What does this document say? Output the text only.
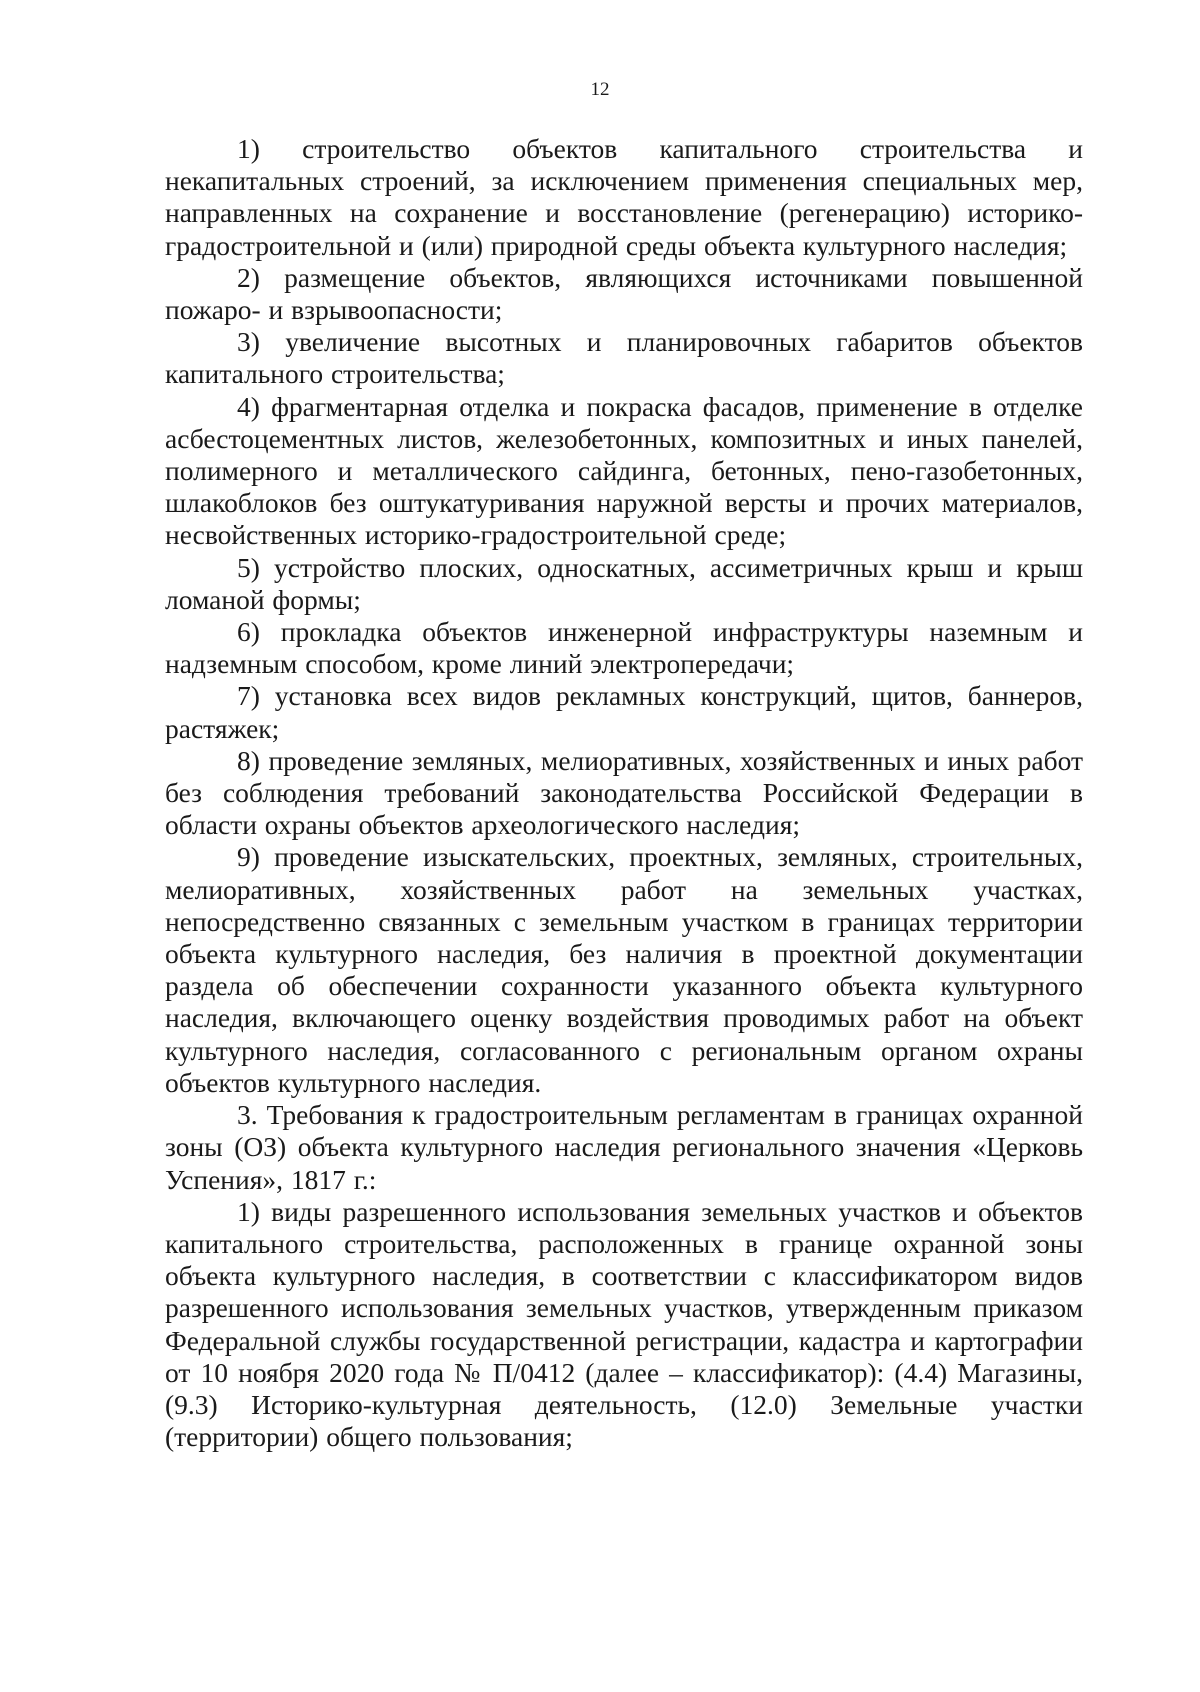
12

1) строительство объектов капитального строительства и некапитальных строений, за исключением применения специальных мер, направленных на сохранение и восстановление (регенерацию) историко-градостроительной и (или) природной среды объекта культурного наследия;

2) размещение объектов, являющихся источниками повышенной пожаро- и взрывоопасности;

3) увеличение высотных и планировочных габаритов объектов капитального строительства;

4) фрагментарная отделка и покраска фасадов, применение в отделке асбестоцементных листов, железобетонных, композитных и иных панелей, полимерного и металлического сайдинга, бетонных, пено-газобетонных, шлакоблоков без оштукатуривания наружной версты и прочих материалов, несвойственных историко-градостроительной среде;

5) устройство плоских, односкатных, ассиметричных крыш и крыш ломаной формы;

6) прокладка объектов инженерной инфраструктуры наземным и надземным способом, кроме линий электропередачи;

7) установка всех видов рекламных конструкций, щитов, баннеров, растяжек;

8) проведение земляных, мелиоративных, хозяйственных и иных работ без соблюдения требований законодательства Российской Федерации в области охраны объектов археологического наследия;

9) проведение изыскательских, проектных, земляных, строительных, мелиоративных, хозяйственных работ на земельных участках, непосредственно связанных с земельным участком в границах территории объекта культурного наследия, без наличия в проектной документации раздела об обеспечении сохранности указанного объекта культурного наследия, включающего оценку воздействия проводимых работ на объект культурного наследия, согласованного с региональным органом охраны объектов культурного наследия.

3. Требования к градостроительным регламентам в границах охранной зоны (ОЗ) объекта культурного наследия регионального значения «Церковь Успения», 1817 г.:

1) виды разрешенного использования земельных участков и объектов капитального строительства, расположенных в границе охранной зоны объекта культурного наследия, в соответствии с классификатором видов разрешенного использования земельных участков, утвержденным приказом Федеральной службы государственной регистрации, кадастра и картографии от 10 ноября 2020 года № П/0412 (далее – классификатор): (4.4) Магазины, (9.3) Историко-культурная деятельность, (12.0) Земельные участки (территории) общего пользования;
